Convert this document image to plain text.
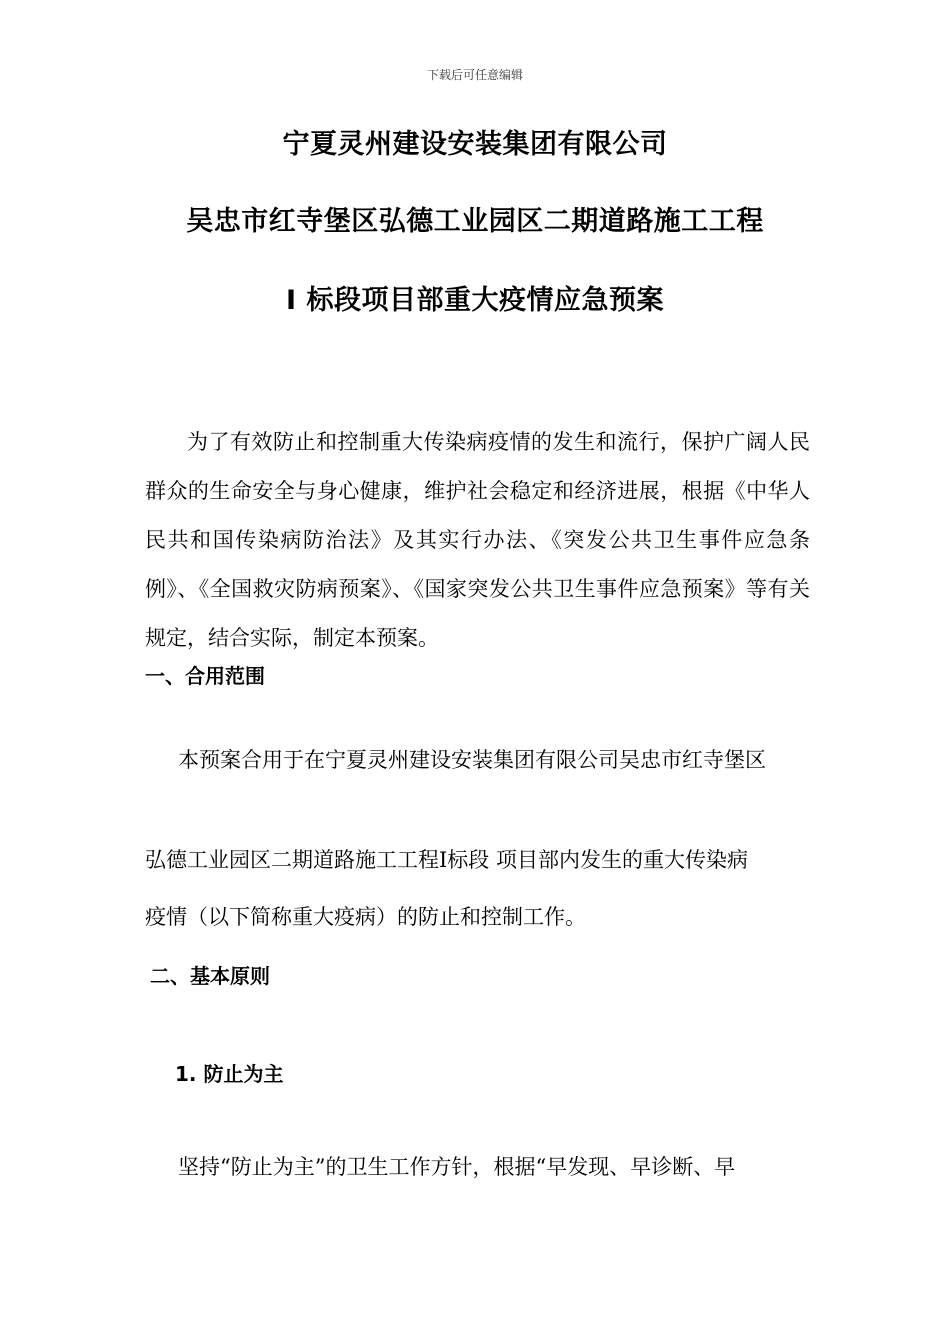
下载后可任意编辑
宁夏灵州建设安装集团有限公司
吴忠市红寺堡区弘德工业园区二期道路施工工程
Ⅰ 标段项目部重大疫情应急预案
为了有效防止和控制重大传染病疫情的发生和流行，保护广阔人民群众的生命安全与身心健康，维护社会稳定和经济进展，根据《中华人民共和国传染病防治法》及其实行办法、《突发公共卫生事件应急条例》、《全国救灾防病预案》、《国家突发公共卫生事件应急预案》等有关规定，结合实际，制定本预案。
一、合用范围
本预案合用于在宁夏灵州建设安装集团有限公司吴忠市红寺堡区
弘德工业园区二期道路施工工程Ⅰ标段 项目部内发生的重大传染病
疫情（以下简称重大疫病）的防止和控制工作。
二、基本原则
1. 防止为主
坚持“防止为主”的卫生工作方针，根据“早发现、早诊断、早
